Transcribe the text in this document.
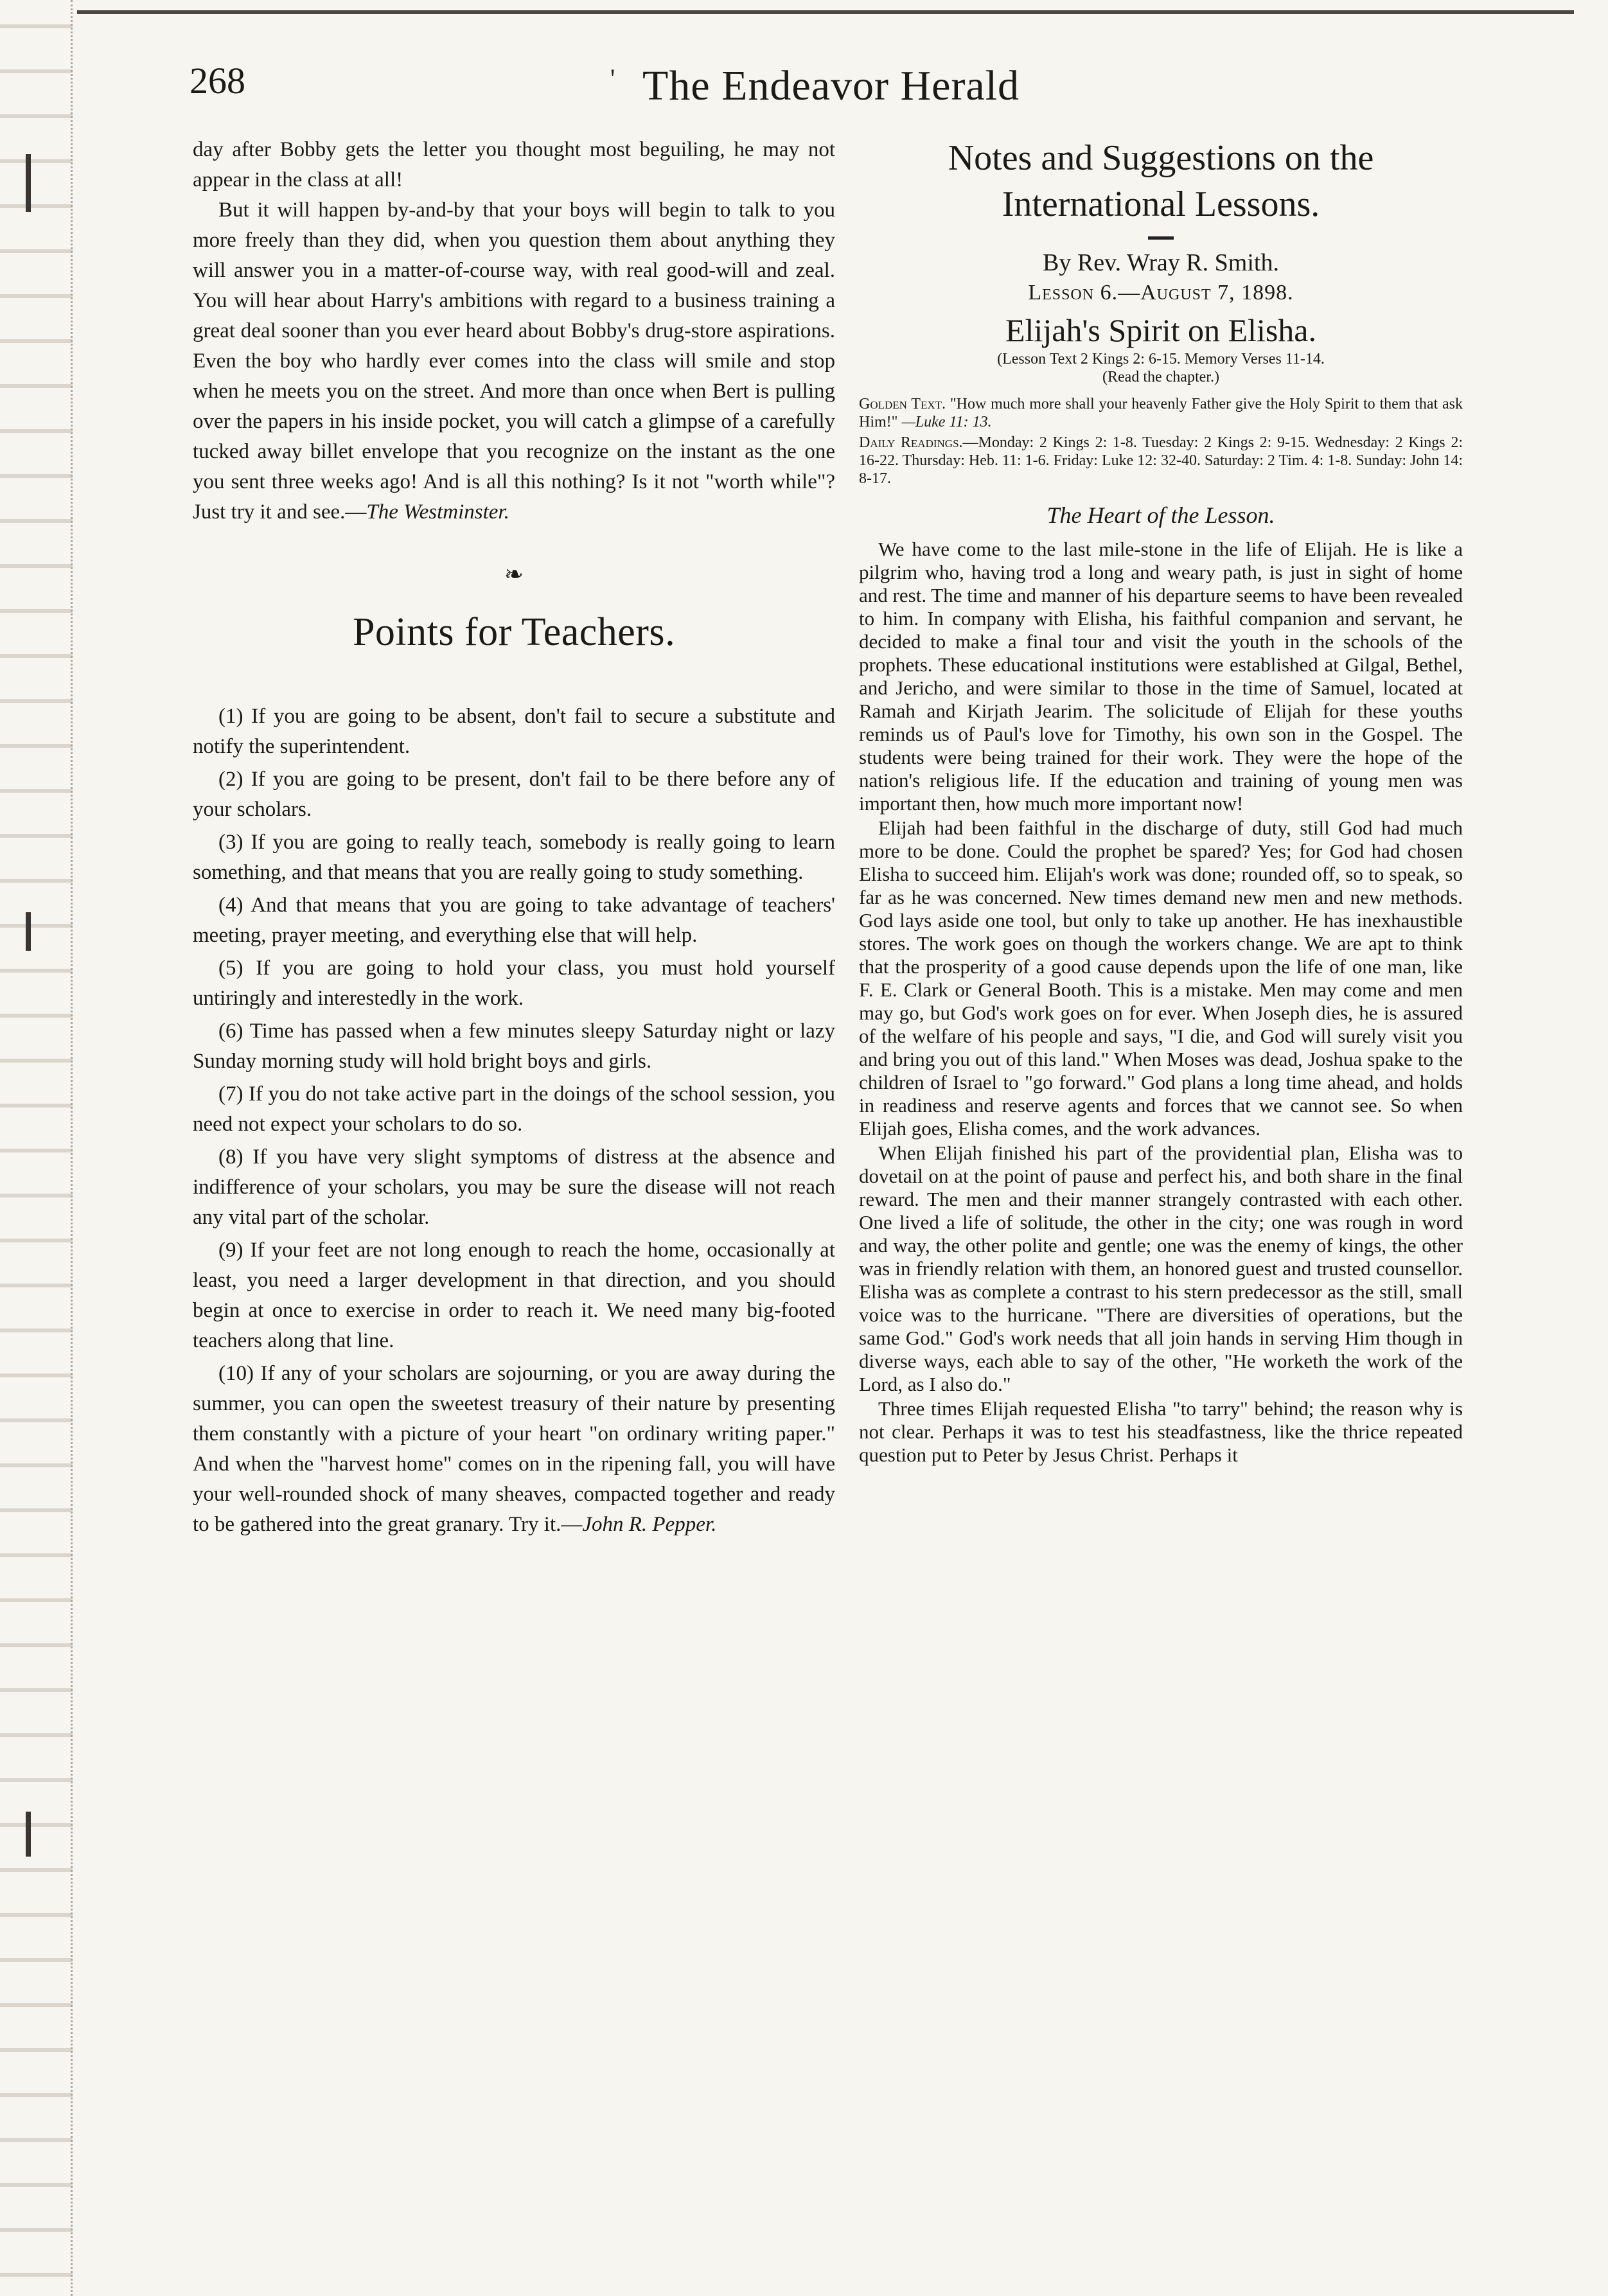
268	' The Endeavor Herald

day after Bobby gets the letter you thought most beguiling, he may not appear in the class at all!

But it will happen by-and-by that your boys will begin to talk to you more freely than they did, when you question them about anything they will answer you in a matter-of-course way, with real good-will and zeal. You will hear about Harry's ambitions with regard to a business training a great deal sooner than you ever heard about Bobby's drug-store aspirations. Even the boy who hardly ever comes into the class will smile and stop when he meets you on the street. And more than once when Bert is pulling over the papers in his inside pocket, you will catch a glimpse of a carefully tucked away billet envelope that you recognize on the instant as the one you sent three weeks ago! And is all this nothing? Is it not "worth while"? Just try it and see.—The Westminster.

❧
Points for Teachers.

(1) If you are going to be absent, don't fail to secure a substitute and notify the superintendent.

(2) If you are going to be present, don't fail to be there before any of your scholars.

(3) If you are going to really teach, somebody is really going to learn something, and that means that you are really going to study something.

(4) And that means that you are going to take advantage of teachers' meeting, prayer meeting, and everything else that will help.

(5) If you are going to hold your class, you must hold yourself untiringly and interestedly in the work.

(6) Time has passed when a few minutes sleepy Saturday night or lazy Sunday morning study will hold bright boys and girls.

(7) If you do not take active part in the doings of the school session, you need not expect your scholars to do so.

(8) If you have very slight symptoms of distress at the absence and indifference of your scholars, you may be sure the disease will not reach any vital part of the scholar.

(9) If your feet are not long enough to reach the home, occasionally at least, you need a larger development in that direction, and you should begin at once to exercise in order to reach it. We need many big-footed teachers along that line.

(10) If any of your scholars are sojourning, or you are away during the summer, you can open the sweetest treasury of their nature by presenting them constantly with a picture of your heart "on ordinary writing paper." And when the "harvest home" comes on in the ripening fall, you will have your well-rounded shock of many sheaves, compacted together and ready to be gathered into the great granary. Try it.—John R. Pepper.

Notes and Suggestions on the International Lessons.
By Rev. Wray R. Smith.
Lesson 6.—August 7, 1898.
Elijah's Spirit on Elisha.
(Lesson Text 2 Kings 2: 6-15. Memory Verses 11-14.
(Read the chapter.)

Golden Text. "How much more shall your heavenly Father give the Holy Spirit to them that ask Him!" —Luke 11: 13.

Daily Readings.—Monday: 2 Kings 2: 1-8. Tuesday: 2 Kings 2: 9-15. Wednesday: 2 Kings 2: 16-22. Thursday: Heb. 11: 1-6. Friday: Luke 12: 32-40. Saturday: 2 Tim. 4: 1-8. Sunday: John 14: 8-17.

The Heart of the Lesson.

We have come to the last mile-stone in the life of Elijah. He is like a pilgrim who, having trod a long and weary path, is just in sight of home and rest. The time and manner of his departure seems to have been revealed to him. In company with Elisha, his faithful companion and servant, he decided to make a final tour and visit the youth in the schools of the prophets. These educational institutions were established at Gilgal, Bethel, and Jericho, and were similar to those in the time of Samuel, located at Ramah and Kirjath Jearim. The solicitude of Elijah for these youths reminds us of Paul's love for Timothy, his own son in the Gospel. The students were being trained for their work. They were the hope of the nation's religious life. If the education and training of young men was important then, how much more important now!

Elijah had been faithful in the discharge of duty, still God had much more to be done. Could the prophet be spared? Yes; for God had chosen Elisha to succeed him. Elijah's work was done; rounded off, so to speak, so far as he was concerned. New times demand new men and new methods. God lays aside one tool, but only to take up another. He has inexhaustible stores. The work goes on though the workers change. We are apt to think that the prosperity of a good cause depends upon the life of one man, like F. E. Clark or General Booth. This is a mistake. Men may come and men may go, but God's work goes on for ever. When Joseph dies, he is assured of the welfare of his people and says, "I die, and God will surely visit you and bring you out of this land." When Moses was dead, Joshua spake to the children of Israel to "go forward." God plans a long time ahead, and holds in readiness and reserve agents and forces that we cannot see. So when Elijah goes, Elisha comes, and the work advances.

When Elijah finished his part of the providential plan, Elisha was to dovetail on at the point of pause and perfect his, and both share in the final reward. The men and their manner strangely contrasted with each other. One lived a life of solitude, the other in the city; one was rough in word and way, the other polite and gentle; one was the enemy of kings, the other was in friendly relation with them, an honored guest and trusted counsellor. Elisha was as complete a contrast to his stern predecessor as the still, small voice was to the hurricane. "There are diversities of operations, but the same God." God's work needs that all join hands in serving Him though in diverse ways, each able to say of the other, "He worketh the work of the Lord, as I also do."

Three times Elijah requested Elisha "to tarry" behind; the reason why is not clear. Perhaps it was to test his steadfastness, like the thrice repeated question put to Peter by Jesus Christ. Perhaps it
